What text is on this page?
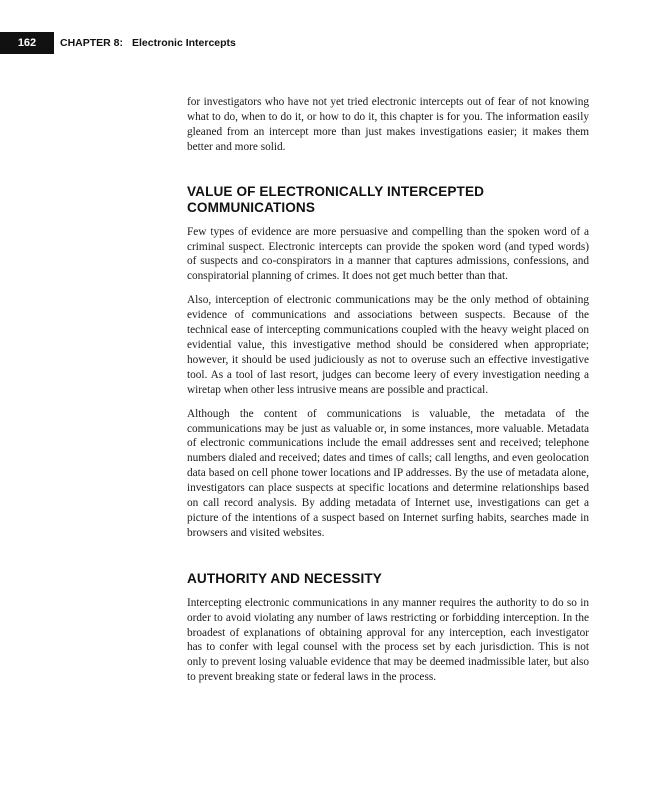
162	CHAPTER 8: Electronic Intercepts

for investigators who have not yet tried electronic intercepts out of fear of not knowing what to do, when to do it, or how to do it, this chapter is for you. The information easily gleaned from an intercept more than just makes investigations easier; it makes them better and more solid.

VALUE OF ELECTRONICALLY INTERCEPTED
COMMUNICATIONS

Few types of evidence are more persuasive and compelling than the spoken word of a criminal suspect. Electronic intercepts can provide the spoken word (and typed words) of suspects and co-conspirators in a manner that captures admissions, confessions, and conspiratorial planning of crimes. It does not get much better than that.

Also, interception of electronic communications may be the only method of obtaining evidence of communications and associations between suspects. Because of the technical ease of intercepting communications coupled with the heavy weight placed on evidential value, this investigative method should be considered when appropriate; however, it should be used judiciously as not to overuse such an effective investigative tool. As a tool of last resort, judges can become leery of every investigation needing a wiretap when other less intrusive means are possible and practical.

Although the content of communications is valuable, the metadata of the communications may be just as valuable or, in some instances, more valuable. Metadata of electronic communications include the email addresses sent and received; telephone numbers dialed and received; dates and times of calls; call lengths, and even geolocation data based on cell phone tower locations and IP addresses. By the use of metadata alone, investigators can place suspects at specific locations and determine relationships based on call record analysis. By adding metadata of Internet use, investigations can get a picture of the intentions of a suspect based on Internet surfing habits, searches made in browsers and visited websites.

AUTHORITY AND NECESSITY

Intercepting electronic communications in any manner requires the authority to do so in order to avoid violating any number of laws restricting or forbidding interception. In the broadest of explanations of obtaining approval for any interception, each investigator has to confer with legal counsel with the process set by each jurisdiction. This is not only to prevent losing valuable evidence that may be deemed inadmissible later, but also to prevent breaking state or federal laws in the process.
